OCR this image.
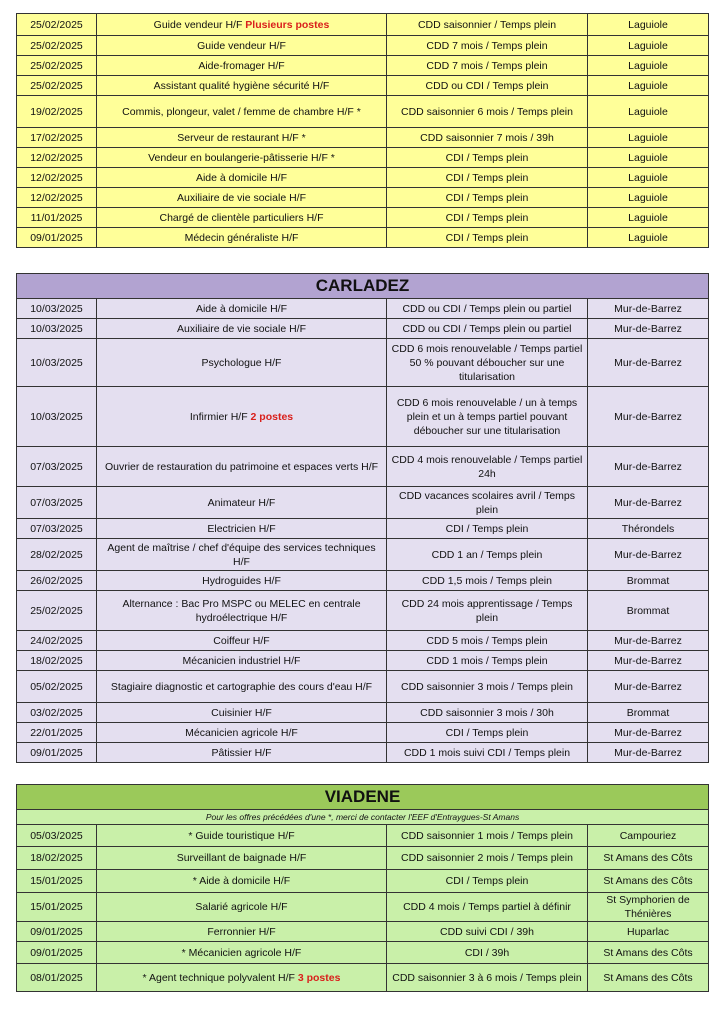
25/02/2025	Guide vendeur H/F Plusieurs postes	CDD saisonnier / Temps plein	Laguiole
25/02/2025	Guide vendeur H/F	CDD 7 mois / Temps plein	Laguiole
25/02/2025	Aide-fromager H/F	CDD 7 mois / Temps plein	Laguiole
25/02/2025	Assistant qualité hygiène sécurité H/F	CDD ou CDI / Temps plein	Laguiole
19/02/2025	Commis, plongeur, valet / femme de chambre H/F *	CDD saisonnier 6 mois / Temps plein	Laguiole
17/02/2025	Serveur de restaurant H/F *	CDD saisonnier 7 mois / 39h	Laguiole
12/02/2025	Vendeur en boulangerie-pâtisserie H/F *	CDI / Temps plein	Laguiole
12/02/2025	Aide à domicile H/F	CDI / Temps plein	Laguiole
12/02/2025	Auxiliaire de vie sociale H/F	CDI / Temps plein	Laguiole
11/01/2025	Chargé de clientèle particuliers H/F	CDI / Temps plein	Laguiole
09/01/2025	Médecin généraliste H/F	CDI / Temps plein	Laguiole
CARLADEZ			
10/03/2025	Aide à domicile H/F	CDD ou CDI / Temps plein ou partiel	Mur-de-Barrez
10/03/2025	Auxiliaire de vie sociale H/F	CDD ou CDI / Temps plein ou partiel	Mur-de-Barrez
10/03/2025	Psychologue H/F	CDD 6 mois renouvelable / Temps partiel 50 % pouvant déboucher sur une titularisation	Mur-de-Barrez
10/03/2025	Infirmier H/F 2 postes	CDD 6 mois renouvelable / un à temps plein et un à temps partiel pouvant déboucher sur une titularisation	Mur-de-Barrez
07/03/2025	Ouvrier de restauration du patrimoine et espaces verts H/F	CDD 4 mois renouvelable / Temps partiel 24h	Mur-de-Barrez
07/03/2025	Animateur H/F	CDD vacances scolaires avril / Temps plein	Mur-de-Barrez
07/03/2025	Electricien H/F	CDI / Temps plein	Thérondels
28/02/2025	Agent de maîtrise / chef d'équipe des services techniques H/F	CDD 1 an / Temps plein	Mur-de-Barrez
26/02/2025	Hydroguides H/F	CDD 1,5 mois / Temps plein	Brommat
25/02/2025	Alternance : Bac Pro MSPC ou MELEC en centrale hydroélectrique H/F	CDD 24 mois apprentissage / Temps plein	Brommat
24/02/2025	Coiffeur H/F	CDD 5 mois / Temps plein	Mur-de-Barrez
18/02/2025	Mécanicien industriel H/F	CDD 1 mois / Temps plein	Mur-de-Barrez
05/02/2025	Stagiaire diagnostic et cartographie des cours d'eau H/F	CDD saisonnier 3 mois / Temps plein	Mur-de-Barrez
03/02/2025	Cuisinier H/F	CDD saisonnier 3 mois / 30h	Brommat
22/01/2025	Mécanicien agricole H/F	CDI / Temps plein	Mur-de-Barrez
09/01/2025	Pâtissier H/F	CDD 1 mois suivi CDI / Temps plein	Mur-de-Barrez
VIADENE			
Pour les offres précédées d'une *, merci de contacter l'EEF d'Entraygues-St Amans			
05/03/2025	* Guide touristique H/F	CDD saisonnier 1 mois / Temps plein	Campouriez
18/02/2025	Surveillant de baignade H/F	CDD saisonnier 2 mois / Temps plein	St Amans des Côts
15/01/2025	* Aide à domicile H/F	CDI / Temps plein	St Amans des Côts
15/01/2025	Salarié agricole H/F	CDD 4 mois / Temps partiel à définir	St Symphorien de Thénières
09/01/2025	Ferronnier H/F	CDD suivi CDI / 39h	Huparlac
09/01/2025	* Mécanicien agricole H/F	CDI / 39h	St Amans des Côts
08/01/2025	* Agent technique polyvalent H/F 3 postes	CDD saisonnier 3 à 6 mois / Temps plein	St Amans des Côts
